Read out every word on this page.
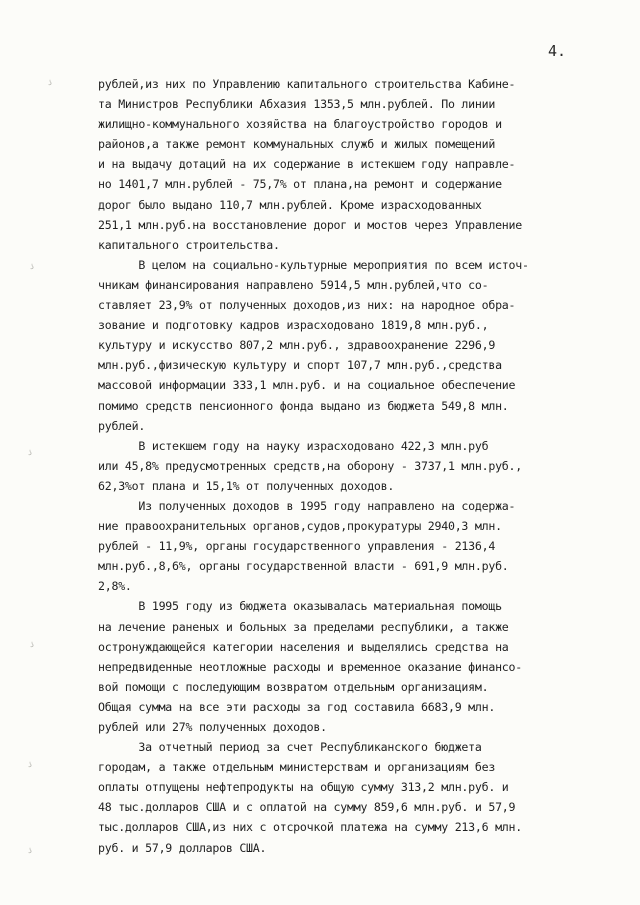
4.
ﮄ
ﮄ
ﮄ
ﮄ
ﮄ
ﮄ
рублей,из них по Управлению капитального строительства Кабине-
та Министров Республики Абхазия 1353,5 млн.рублей. По линии
жилищно-коммунального хозяйства на благоустройство городов и
районов,а также ремонт коммунальных служб и жилых помещений
и на выдачу дотаций на их содержание в истекшем году направле-
но 1401,7 млн.рублей - 75,7% от плана,на ремонт и содержание
дорог было выдано 110,7 млн.рублей. Кроме израсходованных
251,1 млн.руб.на восстановление дорог и мостов через Управление
капитального строительства.
В целом на социально-культурные мероприятия по всем источ-
чникам финансирования направлено 5914,5 млн.рублей,что со-
ставляет 23,9% от полученных доходов,из них: на народное обра-
зование и подготовку кадров израсходовано 1819,8 млн.руб.,
культуру и искусство 807,2 млн.руб., здравоохранение 2296,9
млн.руб.,физическую культуру и спорт 107,7 млн.руб.,средства
массовой информации 333,1 млн.руб. и на социальное обеспечение
помимо средств пенсионного фонда выдано из бюджета 549,8 млн.
рублей.
В истекшем году на науку израсходовано 422,3 млн.руб
или 45,8% предусмотренных средств,на оборону - 3737,1 млн.руб.,
62,3%от плана и 15,1% от полученных доходов.
Из полученных доходов в 1995 году направлено на содержа-
ние правоохранительных органов,судов,прокуратуры 2940,3 млн.
рублей - 11,9%, органы государственного управления - 2136,4
млн.руб.,8,6%, органы государственной власти - 691,9 млн.руб.
2,8%.
В 1995 году из бюджета оказывалась материальная помощь
на лечение раненых и больных за пределами республики, а также
остронуждающейся категории населения и выделялись средства на
непредвиденные неотложные расходы и временное оказание финансо-
вой помощи с последующим возвратом отдельным организациям.
Общая сумма на все эти расходы за год составила 6683,9 млн.
рублей или 27% полученных доходов.
За отчетный период за счет Республиканского бюджета
городам, а также отдельным министерствам и организациям без
оплаты отпущены нефтепродукты на общую сумму 313,2 млн.руб. и
48 тыс.долларов США и с оплатой на сумму 859,6 млн.руб. и 57,9
тыс.долларов США,из них с отсрочкой платежа на сумму 213,6 млн.
руб. и 57,9 долларов США.
